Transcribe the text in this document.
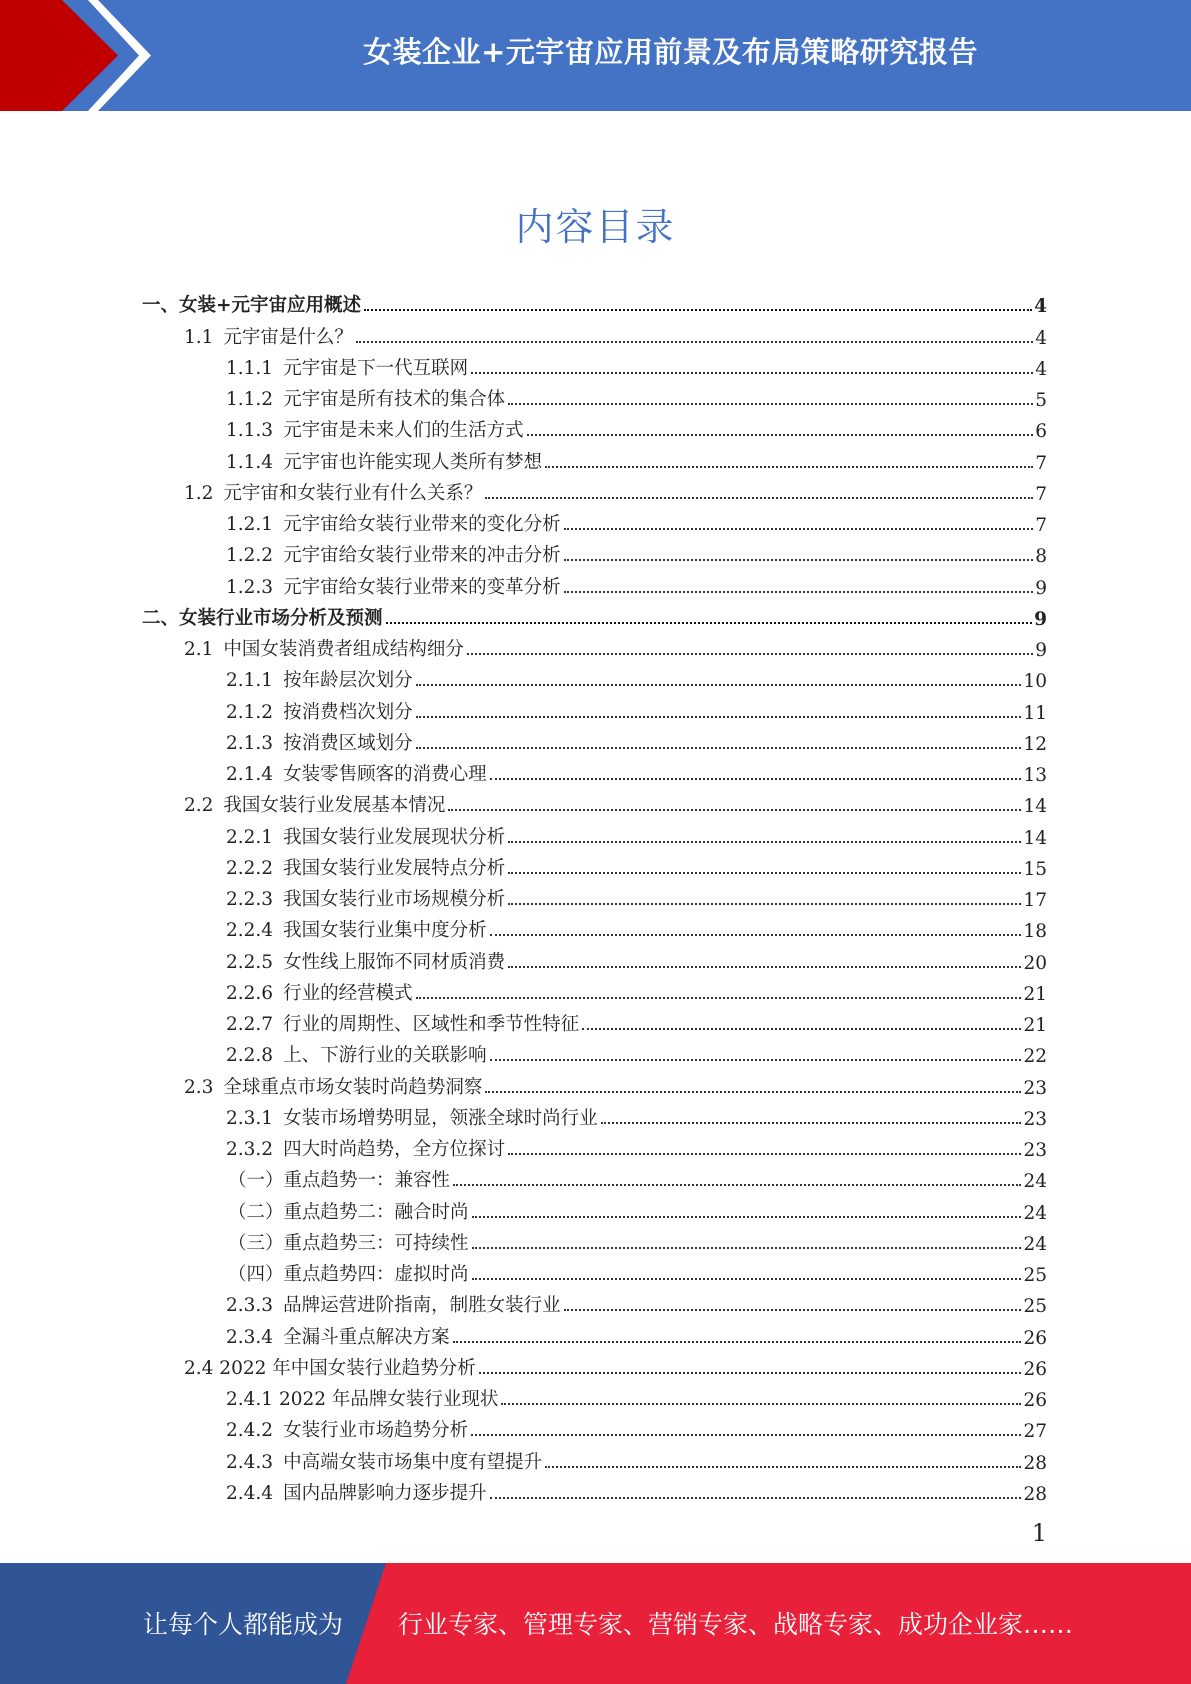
女装企业+元宇宙应用前景及布局策略研究报告
内容目录
一、女装+元宇宙应用概述	4
1.1 元宇宙是什么？	4
1.1.1 元宇宙是下一代互联网	4
1.1.2 元宇宙是所有技术的集合体	5
1.1.3 元宇宙是未来人们的生活方式	6
1.1.4 元宇宙也许能实现人类所有梦想	7
1.2 元宇宙和女装行业有什么关系？	7
1.2.1 元宇宙给女装行业带来的变化分析	7
1.2.2 元宇宙给女装行业带来的冲击分析	8
1.2.3 元宇宙给女装行业带来的变革分析	9
二、女装行业市场分析及预测	9
2.1 中国女装消费者组成结构细分	9
2.1.1 按年龄层次划分	10
2.1.2 按消费档次划分	11
2.1.3 按消费区域划分	12
2.1.4 女装零售顾客的消费心理	13
2.2 我国女装行业发展基本情况	14
2.2.1 我国女装行业发展现状分析	14
2.2.2 我国女装行业发展特点分析	15
2.2.3 我国女装行业市场规模分析	17
2.2.4 我国女装行业集中度分析	18
2.2.5 女性线上服饰不同材质消费	20
2.2.6 行业的经营模式	21
2.2.7 行业的周期性、区域性和季节性特征	21
2.2.8 上、下游行业的关联影响	22
2.3 全球重点市场女装时尚趋势洞察	23
2.3.1 女装市场增势明显，领涨全球时尚行业	23
2.3.2 四大时尚趋势，全方位探讨	23
（一）重点趋势一：兼容性	24
（二）重点趋势二：融合时尚	24
（三）重点趋势三：可持续性	24
（四）重点趋势四：虚拟时尚	25
2.3.3 品牌运营进阶指南，制胜女装行业	25
2.3.4 全漏斗重点解决方案	26
2.4 2022 年中国女装行业趋势分析	26
2.4.1 2022 年品牌女装行业现状	26
2.4.2 女装行业市场趋势分析	27
2.4.3 中高端女装市场集中度有望提升	28
2.4.4 国内品牌影响力逐步提升	28
1
让每个人都能成为 行业专家、管理专家、营销专家、战略专家、成功企业家……
